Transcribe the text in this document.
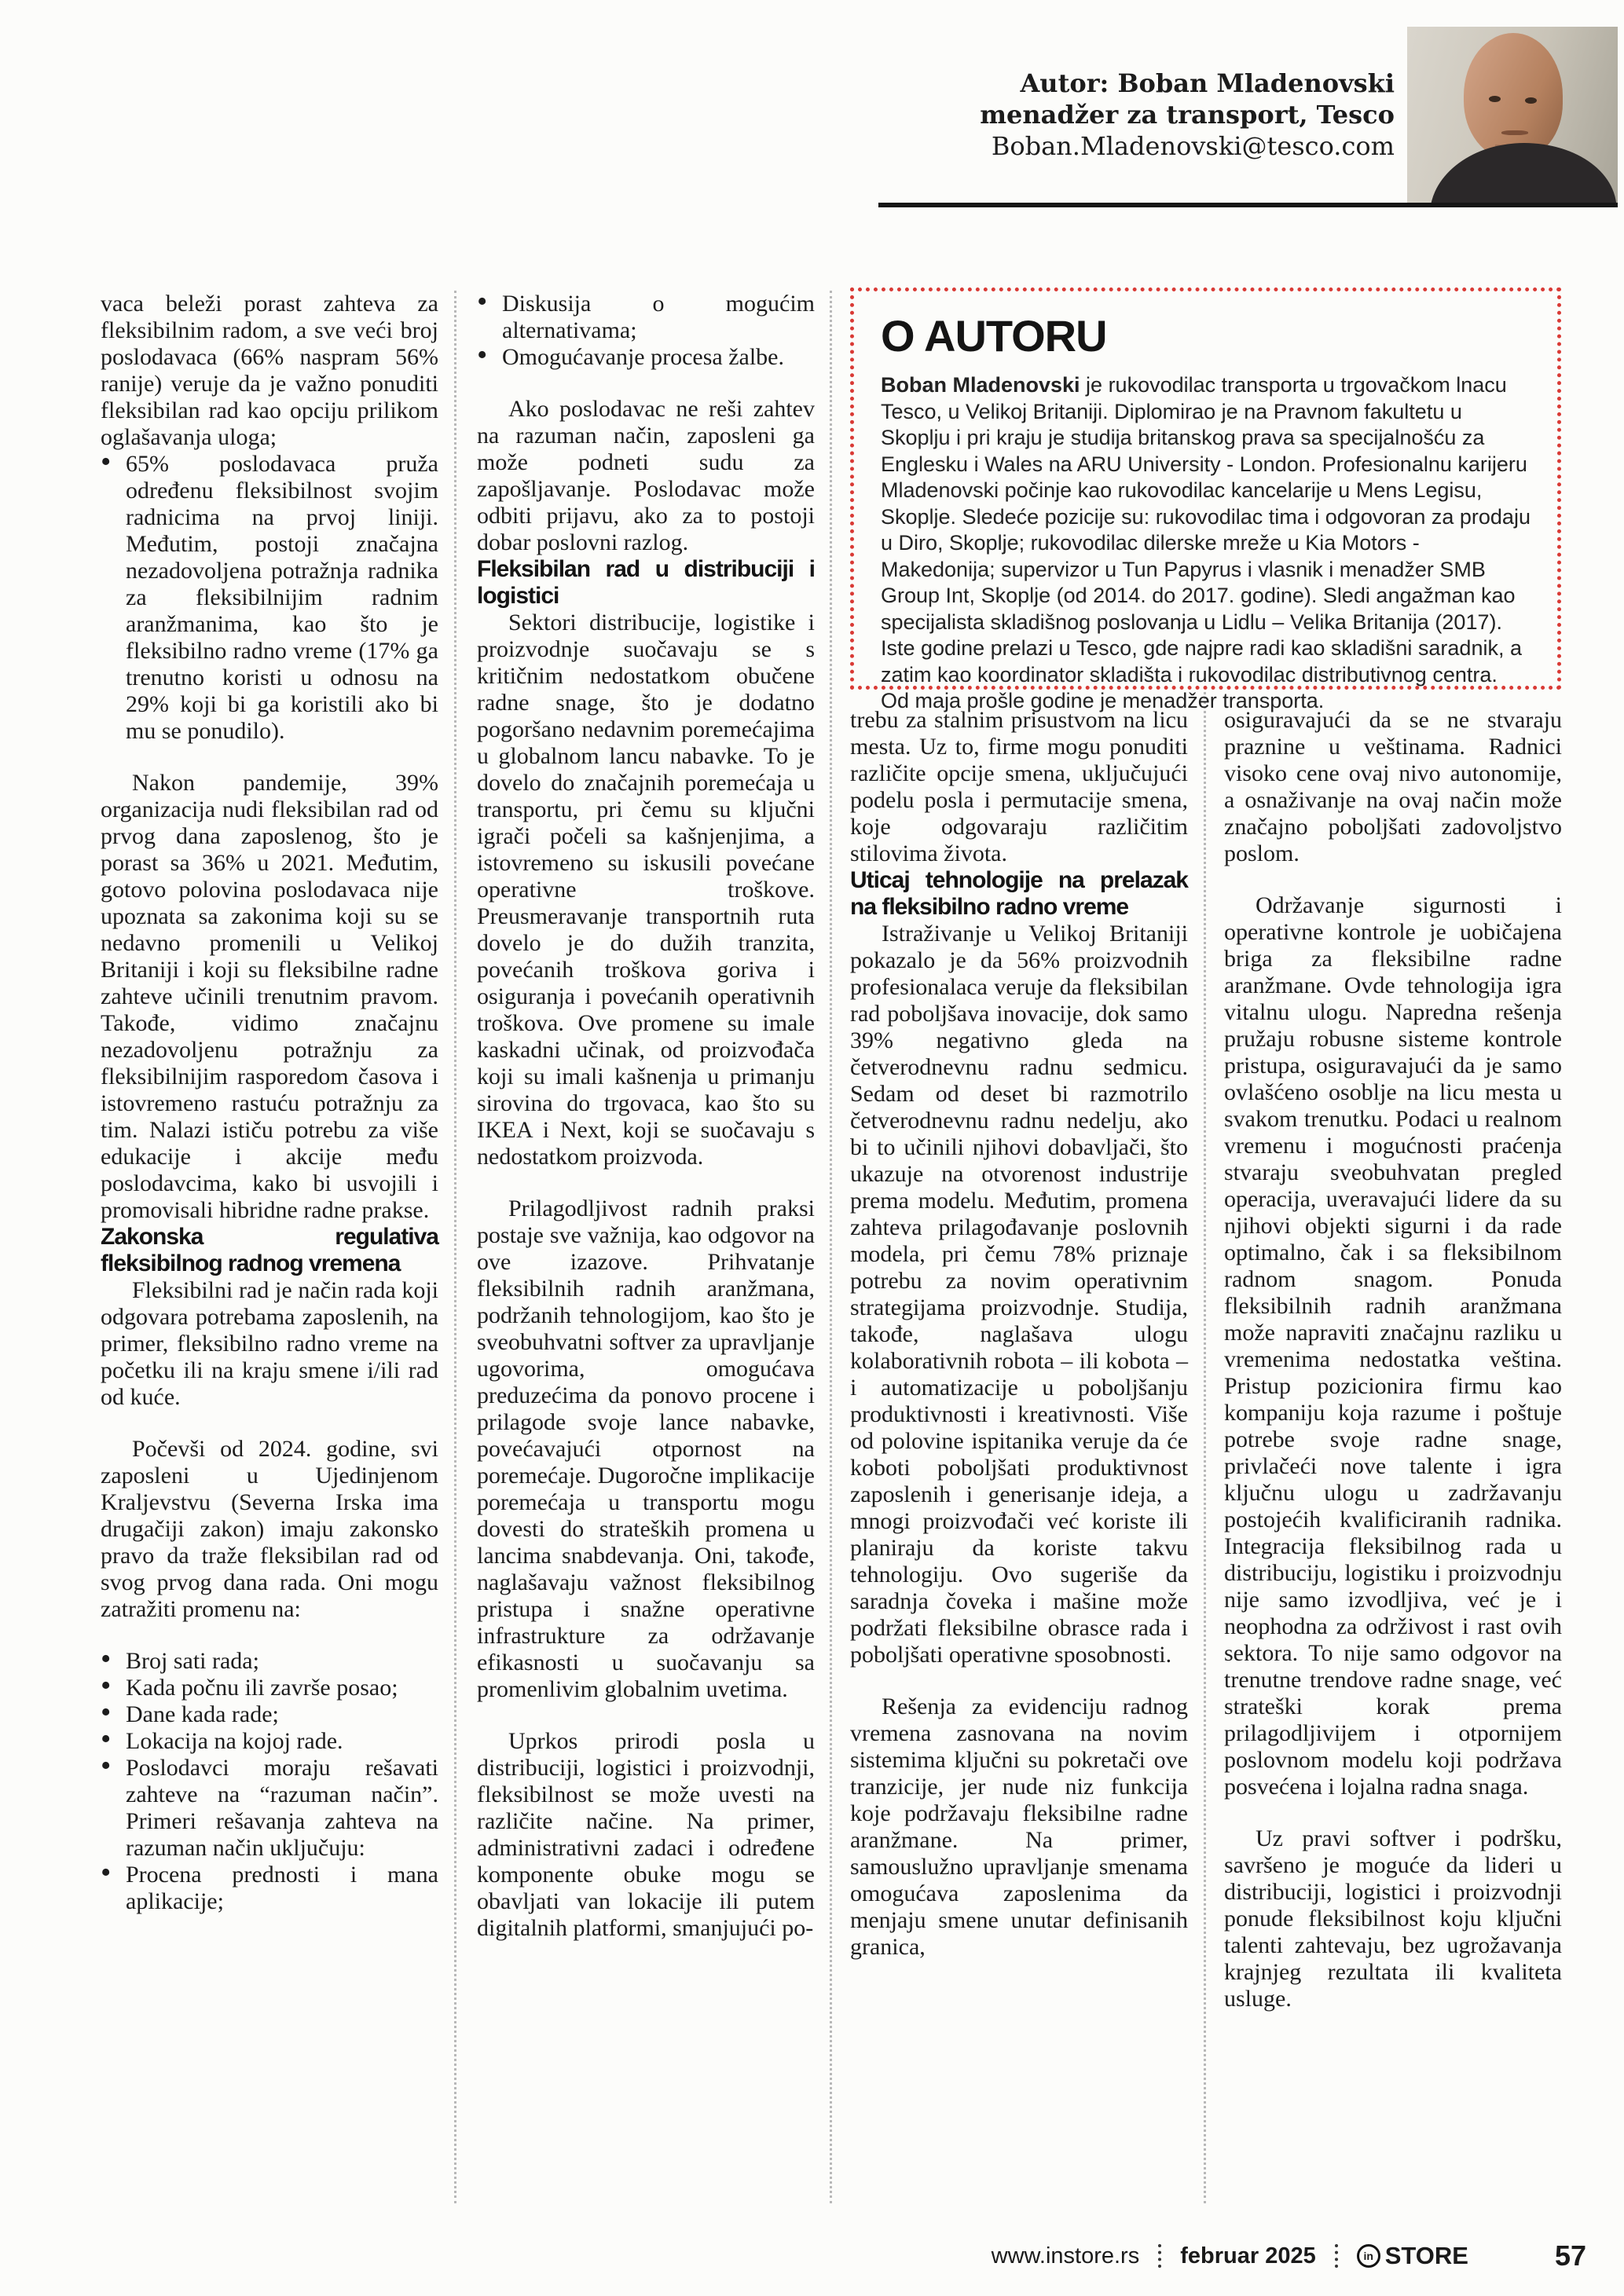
Autor: Boban Mladenovski
menadžer za transport, Tesco
Boban.Mladenovski@tesco.com
O AUTORU

Boban Mladenovski je rukovodilac transporta u trgovačkom lnacu Tesco, u Velikoj Britaniji. Diplomirao je na Pravnom fakultetu u Skoplju i pri kraju je studija britanskog prava sa specijalnošću za Englesku i Wales na ARU University - London. Profesionalnu karijeru Mladenovski počinje kao rukovodilac kancelarije u Mens Legisu, Skoplje. Sledeće pozicije su: rukovodilac tima i odgovoran za prodaju u Diro, Skoplje; rukovodilac dilerske mreže u Kia Motors - Makedonija; supervizor u Tun Papyrus i vlasnik i menadžer SMB Group Int, Skoplje (od 2014. do 2017. godine). Sledi angažman kao specijalista skladišnog poslovanja u Lidlu – Velika Britanija (2017). Iste godine prelazi u Tesco, gde najpre radi kao skladišni saradnik, a zatim kao koordinator skladišta i rukovodilac distributivnog centra. Od maja prošle godine je menadžer transporta.

vaca beleži porast zahteva za fleksibilnim radom, a sve veći broj poslodavaca (66% naspram 56% ranije) veruje da je važno ponuditi fleksibilan rad kao opciju prilikom oglašavanja uloga;

• 65% poslodavaca pruža određenu fleksibilnost svojim radnicima na prvoj liniji. Međutim, postoji značajna nezadovoljena potražnja radnika za fleksibilnijim radnim aranžmanima, kao što je fleksibilno radno vreme (17% ga trenutno koristi u odnosu na 29% koji bi ga koristili ako bi mu se ponudilo).

Nakon pandemije, 39% organizacija nudi fleksibilan rad od prvog dana zaposlenog, što je porast sa 36% u 2021. Međutim, gotovo polovina poslodavaca nije upoznata sa zakonima koji su se nedavno promenili u Velikoj Britaniji i koji su fleksibilne radne zahteve učinili trenutnim pravom. Takođe, vidimo značajnu nezadovoljenu potražnju za fleksibilnijim rasporedom časova i istovremeno rastuću potražnju za tim. Nalazi ističu potrebu za više edukacije i akcije među poslodavcima, kako bi usvojili i promovisali hibridne radne prakse.

Zakonska regulativa fleksibilnog radnog vremena

Fleksibilni rad je način rada koji odgovara potrebama zaposlenih, na primer, fleksibilno radno vreme na početku ili na kraju smene i/ili rad od kuće.

Počevši od 2024. godine, svi zaposleni u Ujedinjenom Kraljevstvu (Severna Irska ima drugačiji zakon) imaju zakonsko pravo da traže fleksibilan rad od svog prvog dana rada. Oni mogu zatražiti promenu na:

• Broj sati rada;

• Kada počnu ili završe posao;

• Dane kada rade;

• Lokacija na kojoj rade.

• Poslodavci moraju rešavati zahteve na “razuman način”. Primeri rešavanja zahteva na razuman način uključuju:

• Procena prednosti i mana aplikacije;

• Diskusija o mogućim alternativama;

• Omogućavanje procesa žalbe.

Ako poslodavac ne reši zahtev na razuman način, zaposleni ga može podneti sudu za zapošljavanje. Poslodavac može odbiti prijavu, ako za to postoji dobar poslovni razlog.

Fleksibilan rad u distribuciji i logistici

Sektori distribucije, logistike i proizvodnje suočavaju se s kritičnim nedostatkom obučene radne snage, što je dodatno pogoršano nedavnim poremećajima u globalnom lancu nabavke. To je dovelo do značajnih poremećaja u transportu, pri čemu su ključni igrači počeli sa kašnjenjima, a istovremeno su iskusili povećane operativne troškove. Preusmeravanje transportnih ruta dovelo je do dužih tranzita, povećanih troškova goriva i osiguranja i povećanih operativnih troškova. Ove promene su imale kaskadni učinak, od proizvođača koji su imali kašnenja u primanju sirovina do trgovaca, kao što su IKEA i Next, koji se suočavaju s nedostatkom proizvoda.

Prilagodljivost radnih praksi postaje sve važnija, kao odgovor na ove izazove. Prihvatanje fleksibilnih radnih aranžmana, podržanih tehnologijom, kao što je sveobuhvatni softver za upravljanje ugovorima, omogućava preduzećima da ponovo procene i prilagode svoje lance nabavke, povećavajući otpornost na poremećaje. Dugoročne implikacije poremećaja u transportu mogu dovesti do strateških promena u lancima snabdevanja. Oni, takođe, naglašavaju važnost fleksibilnog pristupa i snažne operativne infrastrukture za održavanje efikasnosti u suočavanju sa promenlivim globalnim uvetima.

Uprkos prirodi posla u distribuciji, logistici i proizvodnji, fleksibilnost se može uvesti na različite načine. Na primer, administrativni zadaci i određene komponente obuke mogu se obavljati van lokacije ili putem digitalnih platformi, smanjujući po-

trebu za stalnim prisustvom na licu mesta. Uz to, firme mogu ponuditi različite opcije smena, uključujući podelu posla i permutacije smena, koje odgovaraju različitim stilovima života.

Uticaj tehnologije na prelazak na fleksibilno radno vreme

Istraživanje u Velikoj Britaniji pokazalo je da 56% proizvodnih profesionalaca veruje da fleksibilan rad poboljšava inovacije, dok samo 39% negativno gleda na četverodnevnu radnu sedmicu. Sedam od deset bi razmotrilo četverodnevnu radnu nedelju, ako bi to učinili njihovi dobavljači, što ukazuje na otvorenost industrije prema modelu. Međutim, promena zahteva prilagođavanje poslovnih modela, pri čemu 78% priznaje potrebu za novim operativnim strategijama proizvodnje. Studija, takođe, naglašava ulogu kolaborativnih robota – ili kobota – i automatizacije u poboljšanju produktivnosti i kreativnosti. Više od polovine ispitanika veruje da će koboti poboljšati produktivnost zaposlenih i generisanje ideja, a mnogi proizvođači već koriste ili planiraju da koriste takvu tehnologiju. Ovo sugeriše da saradnja čoveka i mašine može podržati fleksibilne obrasce rada i poboljšati operativne sposobnosti.

Rešenja za evidenciju radnog vremena zasnovana na novim sistemima ključni su pokretači ove tranzicije, jer nude niz funkcija koje podržavaju fleksibilne radne aranžmane. Na primer, samouslužno upravljanje smenama omogućava zaposlenima da menjaju smene unutar definisanih granica,

osiguravajući da se ne stvaraju praznine u veštinama. Radnici visoko cene ovaj nivo autonomije, a osnaživanje na ovaj način može značajno poboljšati zadovoljstvo poslom.

Održavanje sigurnosti i operativne kontrole je uobičajena briga za fleksibilne radne aranžmane. Ovde tehnologija igra vitalnu ulogu. Napredna rešenja pružaju robusne sisteme kontrole pristupa, osiguravajući da je samo ovlašćeno osoblje na licu mesta u svakom trenutku. Podaci u realnom vremenu i mogućnosti praćenja stvaraju sveobuhvatan pregled operacija, uveravajući lidere da su njihovi objekti sigurni i da rade optimalno, čak i sa fleksibilnom radnom snagom. Ponuda fleksibilnih radnih aranžmana može napraviti značajnu razliku u vremenima nedostatka veština. Pristup pozicionira firmu kao kompaniju koja razume i poštuje potrebe svoje radne snage, privlačeći nove talente i igra ključnu ulogu u zadržavanju postojećih kvalificiranih radnika. Integracija fleksibilnog rada u distribuciju, logistiku i proizvodnju nije samo izvodljiva, već je i neophodna za održivost i rast ovih sektora. To nije samo odgovor na trenutne trendove radne snage, već strateški korak prema prilagodljivijem i otpornijem poslovnom modelu koji podržava posvećena i lojalna radna snaga.

Uz pravi softver i podršku, savršeno je moguće da lideri u distribuciji, logistici i proizvodnji ponude fleksibilnost koju ključni talenti zahtevaju, bez ugrožavanja krajnjeg rezultata ili kvaliteta usluge.

www.instore.rs februar 2025	in STORE	57
